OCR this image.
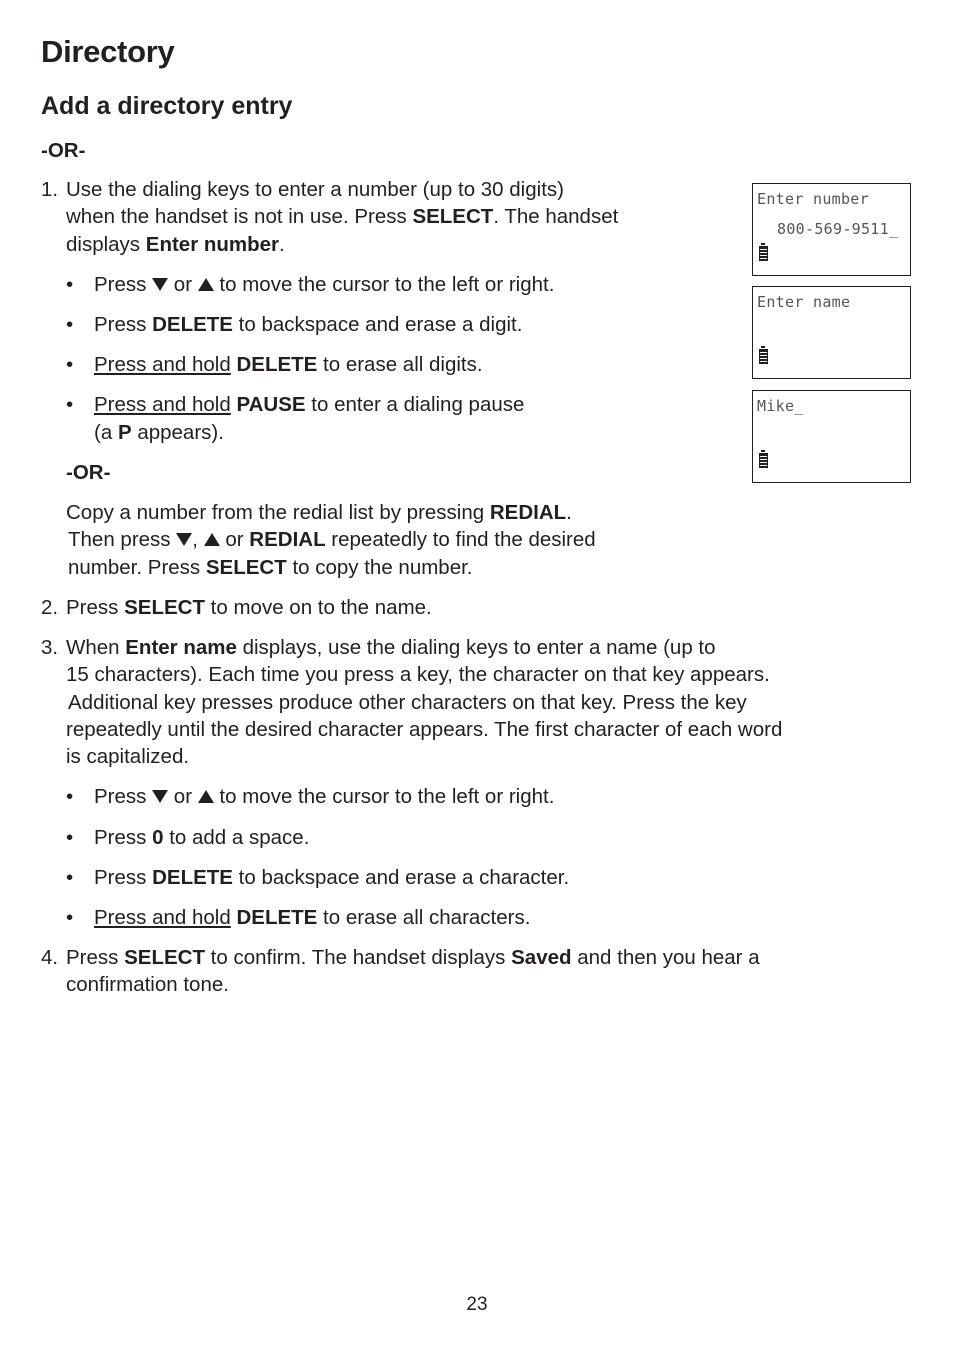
Directory
Add a directory entry
-OR-
1. Use the dialing keys to enter a number (up to 30 digits)
when the handset is not in use. Press SELECT. The handset
displays Enter number.
• Press  or  to move the cursor to the left or right.
• Press DELETE to backspace and erase a digit.
• Press and hold DELETE to erase all digits.
• Press and hold PAUSE to enter a dialing pause
(a P appears).
-OR-
Copy a number from the redial list by pressing REDIAL.
Then press ,  or REDIAL repeatedly to find the desired
number. Press SELECT to copy the number.
2. Press SELECT to move on to the name.
3. When Enter name displays, use the dialing keys to enter a name (up to
15 characters). Each time you press a key, the character on that key appears.
Additional key presses produce other characters on that key. Press the key
repeatedly until the desired character appears. The first character of each word
is capitalized.
• Press  or  to move the cursor to the left or right.
• Press 0 to add a space.
• Press DELETE to backspace and erase a character.
• Press and hold DELETE to erase all characters.
4. Press SELECT to confirm. The handset displays Saved and then you hear a
confirmation tone.
Enter number
800-569-9511_
Enter name
Mike_
23
